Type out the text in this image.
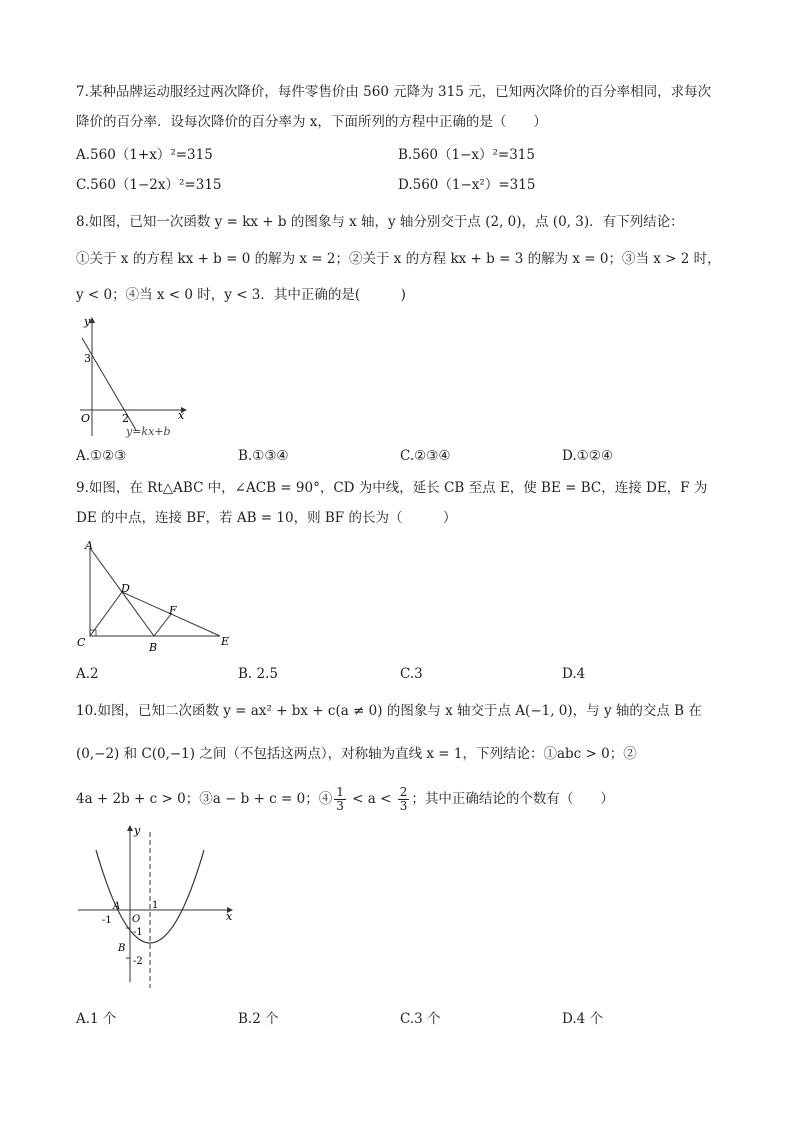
7.某种品牌运动服经过两次降价，每件零售价由 560 元降为 315 元，已知两次降价的百分率相同，求每次
降价的百分率．设每次降价的百分率为 x，下面所列的方程中正确的是（　　）
A.560（1+x）²=315	B.560（1−x）²=315
C.560（1−2x）²=315	D.560（1−x²）=315
8.如图，已知一次函数 y = kx + b 的图象与 x 轴，y 轴分别交于点 (2, 0)，点 (0, 3)．有下列结论：
①关于 x 的方程 kx + b = 0 的解为 x = 2；②关于 x 的方程 kx + b = 3 的解为 x = 0；③当 x > 2 时，
y < 0；④当 x < 0 时，y < 3．其中正确的是(　　　)
y
x
O
3
2
y=kx+b
A.①②③	B.①③④	C.②③④	D.①②④
9.如图，在 Rt△ABC 中，∠ACB = 90°，CD 为中线，延长 CB 至点 E，使 BE = BC，连接 DE，F 为
DE 的中点，连接 BF，若 AB = 10，则 BF 的长为（　　　）
A
C
D
F
B	E
A.2	B. 2.5	C.3	D.4
10.如图，已知二次函数 y = ax² + bx + c(a ≠ 0) 的图象与 x 轴交于点 A(−1, 0)，与 y 轴的交点 B 在
(0,−2) 和 C(0,−1) 之间（不包括这两点），对称轴为直线 x = 1，下列结论：①abc > 0；②
4a + 2b + c > 0；③a − b + c = 0；④ $\frac{1}{3} < a < \frac{2}{3}$ ；其中正确结论的个数有（　　）
y
x
O
A
-1
1
-1
B
-2
A.1 个	B.2 个	C.3 个	D.4 个
